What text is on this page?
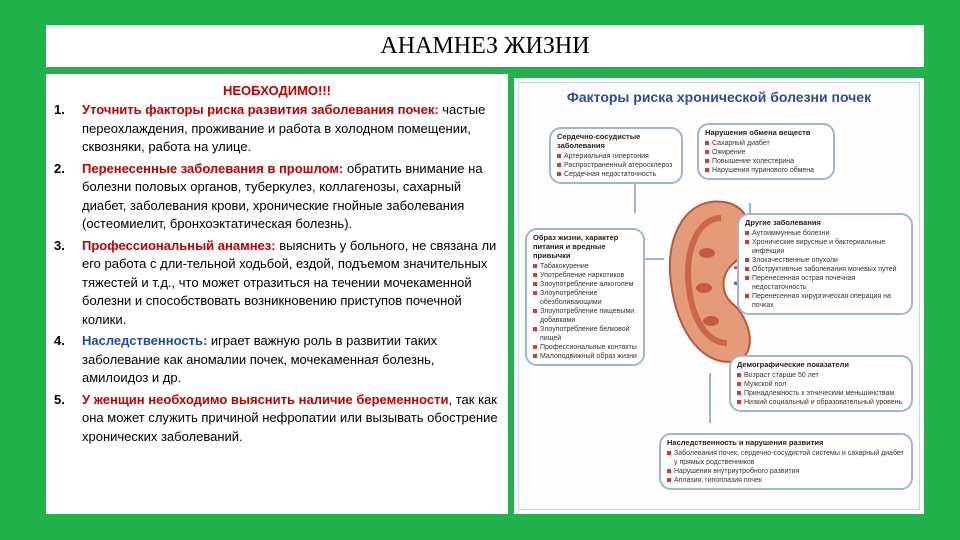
АНАМНЕЗ ЖИЗНИ
НЕОБХОДИМО!!!
1. Уточнить факторы риска развития заболевания почек: частые переохлаждения, проживание и работа в холодном помещении, сквозняки, работа на улице.
2. Перенесенные заболевания в прошлом: обратить внимание на болезни половых органов, туберкулез, коллагенозы, сахарный диабет, заболевания крови, хронические гнойные заболевания (остеомиелит, бронхоэктатическая болезнь).
3. Профессиональный анамнез: выяснить у больного, не связана ли его работа с дли-тельной ходьбой, ездой, подъемом значительных тяжестей и т.д., что может отразиться на течении мочекаменной болезни и способствовать возникновению приступов почечной колики.
4. Наследственность: играет важную роль в развитии таких заболевание как аномалии почек, мочекаменная болезнь, амилоидоз и др.
5. У женщин необходимо выяснить наличие беременности, так как она может служить причиной нефропатии или вызывать обострение хронических заболеваний.
Факторы риска хронической болезни почек
Сердечно-сосудистые заболевания
Артериальная гипертония
Распространенный атеросклероз
Сердечная недостаточность
Нарушения обмена веществ
Сахарный диабет
Ожирение
Повышение холестерина
Нарушения пуринового обмена
Образ жизни, характер питания и вредные привычки
Табакокурение
Употребление наркотиков
Злоупотребление алкоголем
Злоупотребление обезболивающими
Злоупотребление пищевыми добавками
Злоупотребление белковой пищей
Профессиональные контакты
Малоподвижный образ жизни
Другие заболевания
Аутоиммунные болезни
Хронические вирусные и бактериальные инфекции
Злокачественные опухоли
Обструктивные заболевания мочевых путей
Перенесенная острая почечная недостаточность
Перенесенная хирургическая операция на почках
Демографические показатели
Возраст старше 50 лет
Мужской пол
Принадлежность к этническим меньшинствам
Низкий социальный и образовательный уровень
Наследственность и нарушения развития
Заболевания почек, сердечно-сосудистой системы и сахарный диабет у прямых родственников
Нарушения внутриутробного развития
Аплазия, гипоплазия почек
